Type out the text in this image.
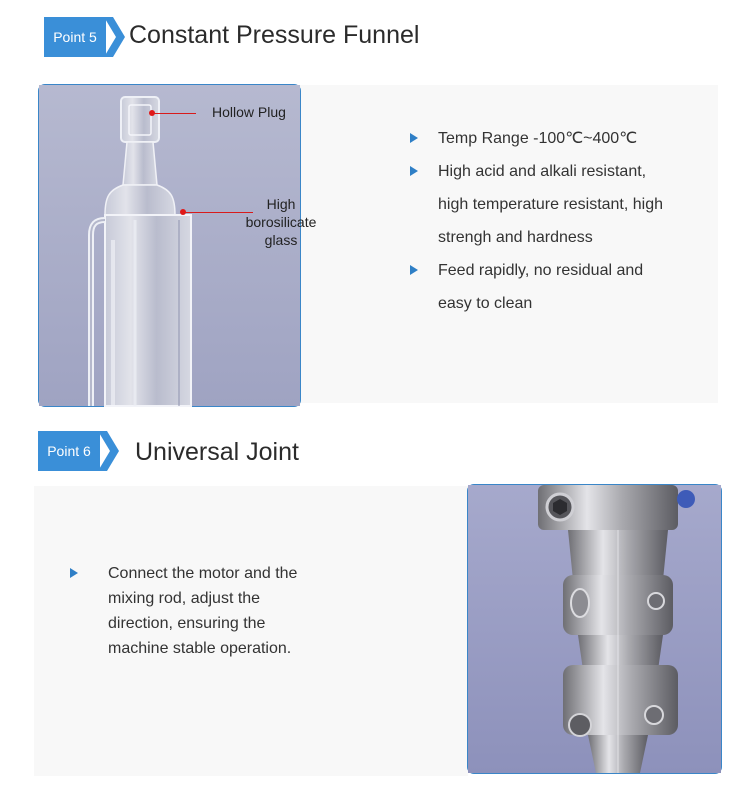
Point 5	Constant Pressure Funnel
Hollow Plug
High
borosilicate
glass
Temp Range -100℃~400℃
High acid and alkali resistant,
high temperature resistant, high
strengh and hardness
Feed rapidly, no residual and
easy to clean
Point 6	Universal Joint
Connect the motor and the
mixing rod, adjust the
direction, ensuring the
machine stable operation.
